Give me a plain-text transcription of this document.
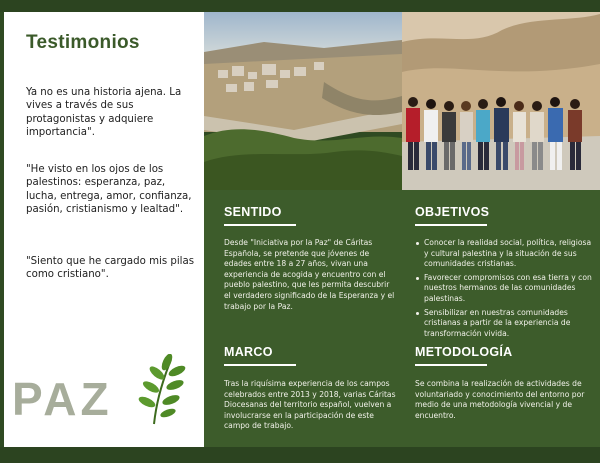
Testimonios

Ya no es una historia ajena. La vives a través de sus protagonistas y adquiere importancia".

"He visto en los ojos de los palestinos: esperanza, paz, lucha, entrega, amor, confianza, pasión, cristianismo y lealtad".

"Siento que he cargado mis pilas como cristiano".

PAZ
SENTIDO

Desde "Iniciativa por la Paz" de Cáritas Española, se pretende que jóvenes de edades entre 18 a 27 años, vivan una experiencia de acogida y encuentro con el pueblo palestino, que les permita descubrir el verdadero significado de la Esperanza y el trabajo por la Paz.

OBJETIVOS
Conocer la realidad social, política, religiosa y cultural palestina y la situación de sus comunidades cristianas.
Favorecer compromisos con esa tierra y con nuestros hermanos de las comunidades palestinas.
Sensibilizar en nuestras comunidades cristianas a partir de la experiencia de transformación vivida.
MARCO

Tras la riquísima experiencia de los campos celebrados entre 2013 y 2018, varias Cáritas Diocesanas del territorio español, vuelven a involucrarse en la participación de este campo de trabajo.

METODOLOGÍA

Se combina la realización de actividades de voluntariado y conocimiento del entorno por medio de una metodología vivencial y de encuentro.
